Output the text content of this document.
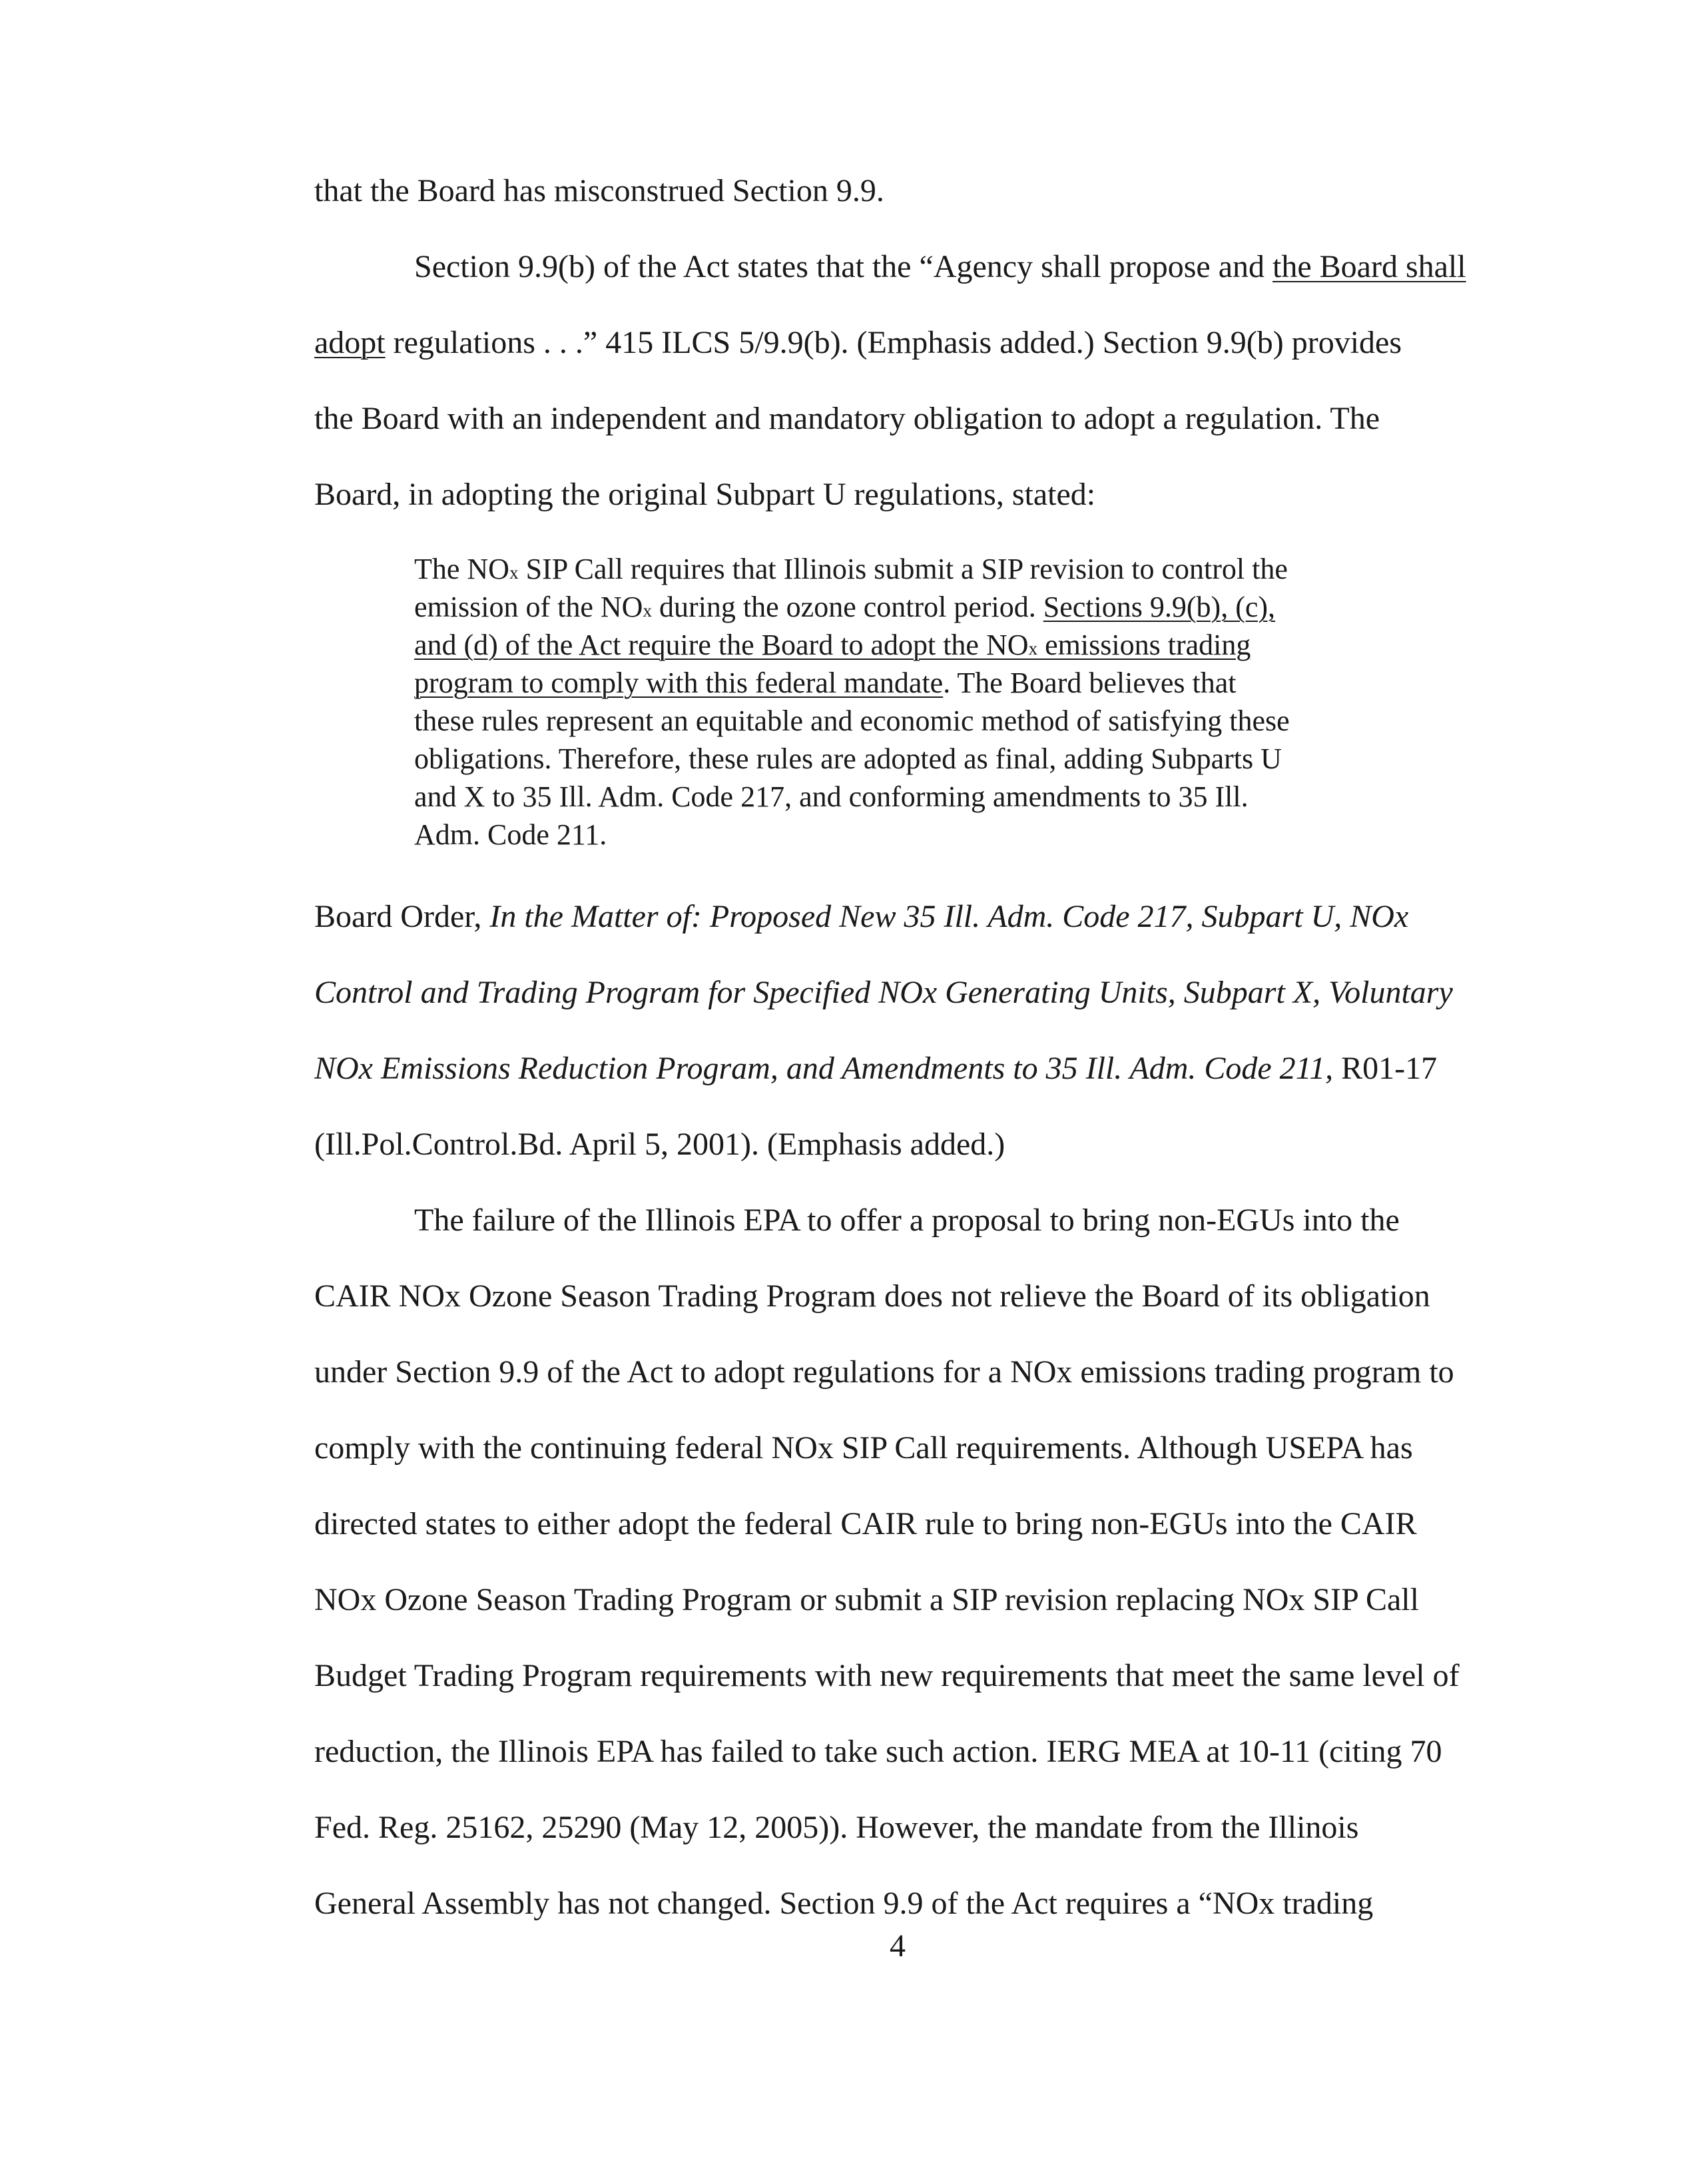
that the Board has misconstrued Section 9.9.
Section 9.9(b) of the Act states that the “Agency shall propose and the Board shall
adopt regulations . . .” 415 ILCS 5/9.9(b). (Emphasis added.) Section 9.9(b) provides
the Board with an independent and mandatory obligation to adopt a regulation. The
Board, in adopting the original Subpart U regulations, stated:
The NOx SIP Call requires that Illinois submit a SIP revision to control the
emission of the NOx during the ozone control period. Sections 9.9(b), (c),
and (d) of the Act require the Board to adopt the NOx emissions trading
program to comply with this federal mandate. The Board believes that
these rules represent an equitable and economic method of satisfying these
obligations. Therefore, these rules are adopted as final, adding Subparts U
and X to 35 Ill. Adm. Code 217, and conforming amendments to 35 Ill.
Adm. Code 211.
Board Order, In the Matter of: Proposed New 35 Ill. Adm. Code 217, Subpart U, NOx
Control and Trading Program for Specified NOx Generating Units, Subpart X, Voluntary
NOx Emissions Reduction Program, and Amendments to 35 Ill. Adm. Code 211, R01-17
(Ill.Pol.Control.Bd. April 5, 2001). (Emphasis added.)
The failure of the Illinois EPA to offer a proposal to bring non-EGUs into the
CAIR NOx Ozone Season Trading Program does not relieve the Board of its obligation
under Section 9.9 of the Act to adopt regulations for a NOx emissions trading program to
comply with the continuing federal NOx SIP Call requirements. Although USEPA has
directed states to either adopt the federal CAIR rule to bring non-EGUs into the CAIR
NOx Ozone Season Trading Program or submit a SIP revision replacing NOx SIP Call
Budget Trading Program requirements with new requirements that meet the same level of
reduction, the Illinois EPA has failed to take such action. IERG MEA at 10-11 (citing 70
Fed. Reg. 25162, 25290 (May 12, 2005)). However, the mandate from the Illinois
General Assembly has not changed. Section 9.9 of the Act requires a “NOx trading
4
